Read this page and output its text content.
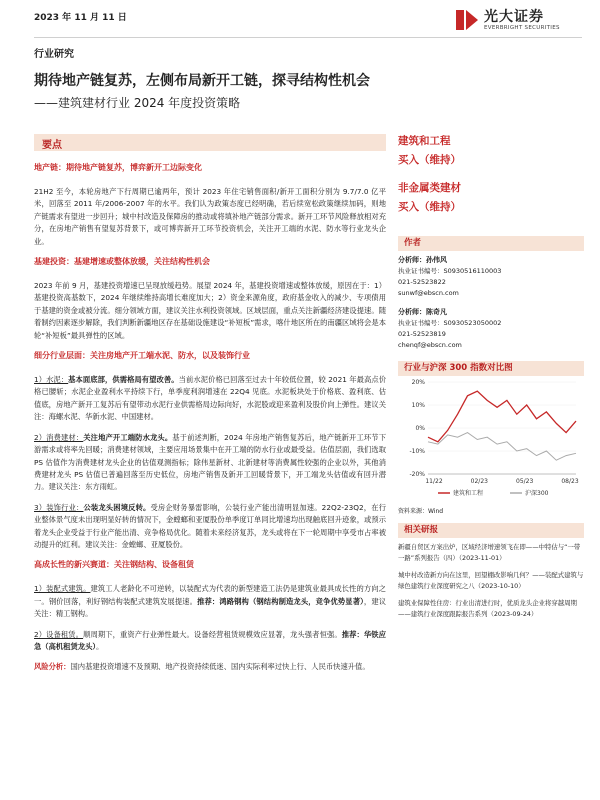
2023 年 11 月 11 日	光大证券
EVERBRIGHT SECURITIES
行业研究
期待地产链复苏，左侧布局新开工链，探寻结构性机会
——建筑建材行业 2024 年度投资策略
要点
地产链：期待地产链复苏，博弈新开工边际变化

21H2 至今，本轮房地产下行周期已逾两年，预计 2023 年住宅销售面积/新开工面积分别为 9.7/7.0 亿平米，回落至 2011 年/2006-2007 年的水平。我们认为政策态度已经明确，若后续宽松政策继续加码，则地产链需求有望进一步回升；城中村改造及保障房的推动或将填补地产链部分需求。新开工环节风险释放相对充分，在房地产销售有望复苏背景下，或可博弈新开工环节投资机会，关注开工端的水泥、防水等行业龙头企业。

基建投资：基建增速或整体放缓，关注结构性机会

2023 年前 9 月，基建投资增速已呈现放缓趋势。展望 2024 年，基建投资增速或整体放缓，原因在于：1）基建投资高基数下，2024 年继续维持高增长难度加大；2）资金来源角度，政府基金收入的减少、专项债用于基建的资金或被分流。细分领域方面，建议关注水利投资领域。区域层面，重点关注新疆经济建设提速。随着制约因素逐步解除，我们判断新疆地区存在基础设施建设“补短板”需求，喀什地区所在的南疆区域将会是本轮“补短板”最具弹性的区域。

细分行业层面：关注房地产开工端水泥、防水，以及装饰行业

1）水泥：基本面底部，供需格局有望改善。当前水泥价格已回落至过去十年较低位置，较 2021 年最高点价格已腰斩；水泥企业盈利水平持续下行，单季度利润增速在 22Q4 见底。水泥板块处于价格底、盈利底、估值底，房地产新开工复苏后有望带动水泥行业供需格局边际向好，水泥股或迎来盈利及股价向上弹性。建议关注：海螺水泥、华新水泥、中国建材。

2）消费建材：关注地产开工端防水龙头。基于前述判断，2024 年房地产销售复苏后，地产链新开工环节下游需求或将率先回暖；消费建材领域，主要应用场景集中在开工端的防水行业或最受益。估值层面，我们选取 PS 估值作为消费建材龙头企业的估值观测指标；除伟星新材、北新建材等消费属性较强的企业以外，其他消费建材龙头 PS 估值已普遍回落至历史低位，房地产销售及新开工回暖背景下，开工端龙头估值或有回升潜力。建议关注：东方雨虹。

3）装饰行业：公装龙头困境反转。受房企财务暴雷影响，公装行业产能出清明显加速。22Q2-23Q2，在行业整体景气度未出现明显好转的情况下，金螳螂和亚厦股份单季度订单同比增速均出现触底回升迹象，或预示着龙头企业受益于行业产能出清、竞争格局优化。随着未来经济复苏，龙头或将在下一轮周期中享受市占率被动提升的红利。建议关注：金螳螂、亚厦股份。

高成长性的新兴赛道：关注钢结构、设备租赁

1）装配式建筑。建筑工人老龄化不可逆转，以装配式为代表的新型建造工法仍是建筑业最具成长性的方向之一。钢价回落，利好钢结构装配式建筑发展提速。推荐：鸿路钢构（钢结构制造龙头，竞争优势显著），建议关注：精工钢构。

2）设备租赁。顺周期下，重资产行业弹性最大。设备经营租赁规模效应显著，龙头强者恒强。推荐：华铁应急（高机租赁龙头）。

风险分析：国内基建投资增速不及预期、地产投资持续低迷、国内实际利率过快上行、人民币快速升值。

建筑和工程
买入（维持）
非金属类建材
买入（维持）
作者
分析师：孙伟风
执业证书编号：S0930516110003
021-52523822
sunwf@ebscn.com
分析师：陈奇凡
执业证书编号：S0930523050002
021-52523819
chenqf@ebscn.com
行业与沪深 300 指数对比图
-20%
-10%
0%
10%
20%
11/22	02/23	05/23	08/23
建筑和工程	沪深300
资料来源：Wind
相关研报
新疆自贸区方案出炉，区域经济增速领飞在即——中特估与“一带一路”系列报告（四）（2023-11-01）
城中村改造新方向在这里，回望棚改影响几何？——装配式建筑与绿色建筑行业深度研究之八（2023-10-10）
建筑业保障性住房：行业出清进行时，优质龙头企业将穿越周期——建筑行业深度跟踪报告系列（2023-09-24）
